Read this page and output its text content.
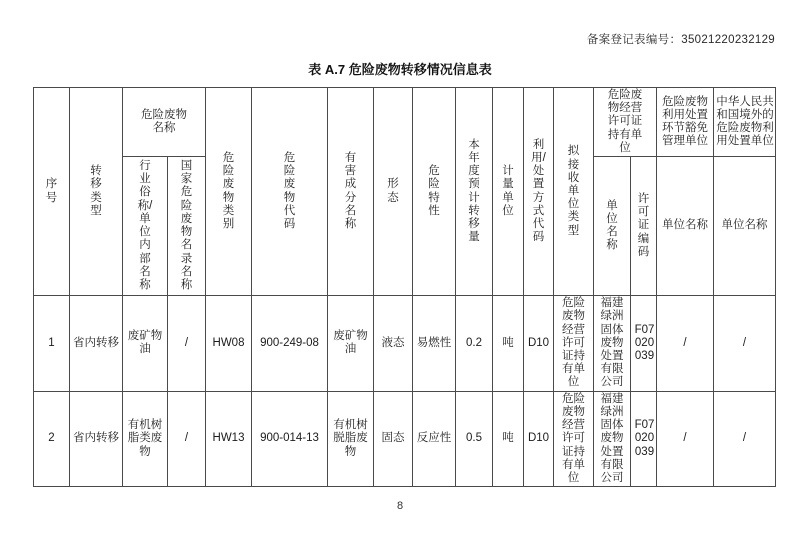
备案登记表编号：35021220232129
表 A.7 危险废物转移情况信息表
序号	转移类型	危险废物名称		危险废物类别	危险废物代码	有害成分名称	形态	危险特性	本年度预计转移量	计量单位	利用/处置方式代码	拟接收单位类型	危险废物经营许可证持有单位		危险废物利用处置环节豁免管理单位	中华人民共和国境外的危险废物利用处置单位
		行业俗称/单位内部名称	国家危险废物名录名称										单位名称	许可证编码	单位名称	单位名称
1	省内转移	废矿物油	/	HW08	900-249-08	废矿物油	液态	易燃性	0.2	吨	D10	危险废物经营许可证持有单位	福建绿洲固体废物处置有限公司	F07020039	/	/
2	省内转移	有机树脂类废物	/	HW13	900-014-13	有机树脱脂废物	固态	反应性	0.5	吨	D10	危险废物经营许可证持有单位	福建绿洲固体废物处置有限公司	F07020039	/	/
8
